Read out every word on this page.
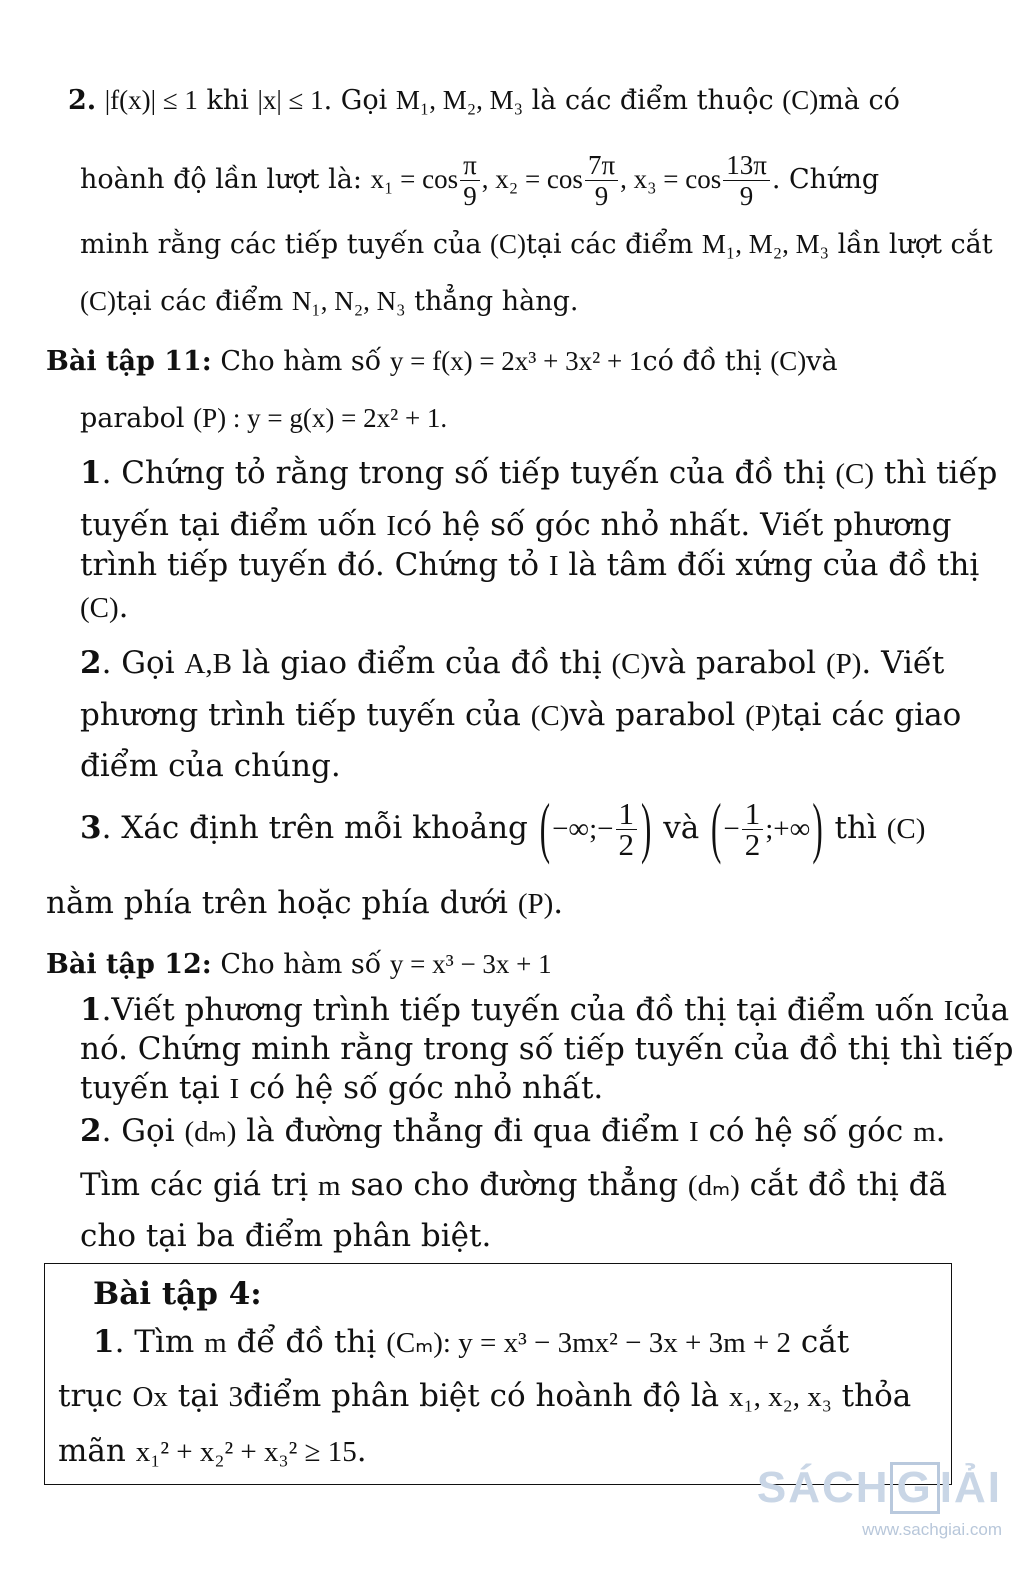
2. |f(x)| ≤ 1 khi |x| ≤ 1. Gọi M₁, M₂, M₃ là các điểm thuộc (C)mà có
hoành độ lần lượt là: $x_1 = \cos \frac{\pi}{9}$ , $x_2 = \cos \frac{7\pi}{9}$ , $x_3 = \cos \frac{13\pi}{9}$ . Chứng
minh rằng các tiếp tuyến của (C)tại các điểm M₁, M₂, M₃ lần lượt cắt
(C)tại các điểm N₁, N₂, N₃ thẳng hàng.
Bài tập 11: Cho hàm số y = f(x) = 2x³ + 3x² + 1có đồ thị (C)và
parabol (P) : y = g(x) = 2x² + 1.
1. Chứng tỏ rằng trong số tiếp tuyến của đồ thị (C) thì tiếp
tuyến tại điểm uốn Icó hệ số góc nhỏ nhất. Viết phương
trình tiếp tuyến đó. Chứng tỏ I là tâm đối xứng của đồ thị
(C).
2. Gọi A,B là giao điểm của đồ thị (C)và parabol (P). Viết
phương trình tiếp tuyến của (C)và parabol (P)tại các giao
điểm của chúng.
3. Xác định trên mỗi khoảng (−∞;− $\frac{1}{2}$ ) và (− $\frac{1}{2}$ ;+∞) thì (C)
nằm phía trên hoặc phía dưới (P).
Bài tập 12: Cho hàm số y = x³ − 3x + 1
1.Viết phương trình tiếp tuyến của đồ thị tại điểm uốn Icủa
nó. Chứng minh rằng trong số tiếp tuyến của đồ thị thì tiếp
tuyến tại I có hệ số góc nhỏ nhất.
2. Gọi (dₘ) là đường thẳng đi qua điểm I có hệ số góc m.
Tìm các giá trị m sao cho đường thẳng (dₘ) cắt đồ thị đã
cho tại ba điểm phân biệt.
Bài tập 4:
1. Tìm m để đồ thị (Cₘ): y = x³ − 3mx² − 3x + 3m + 2 cắt
trục Ox tại 3điểm phân biệt có hoành độ là x₁, x₂, x₃ thỏa
mãn x₁² + x₂² + x₃² ≥ 15.
SÁCH G IẢI
www.sachgiai.com
